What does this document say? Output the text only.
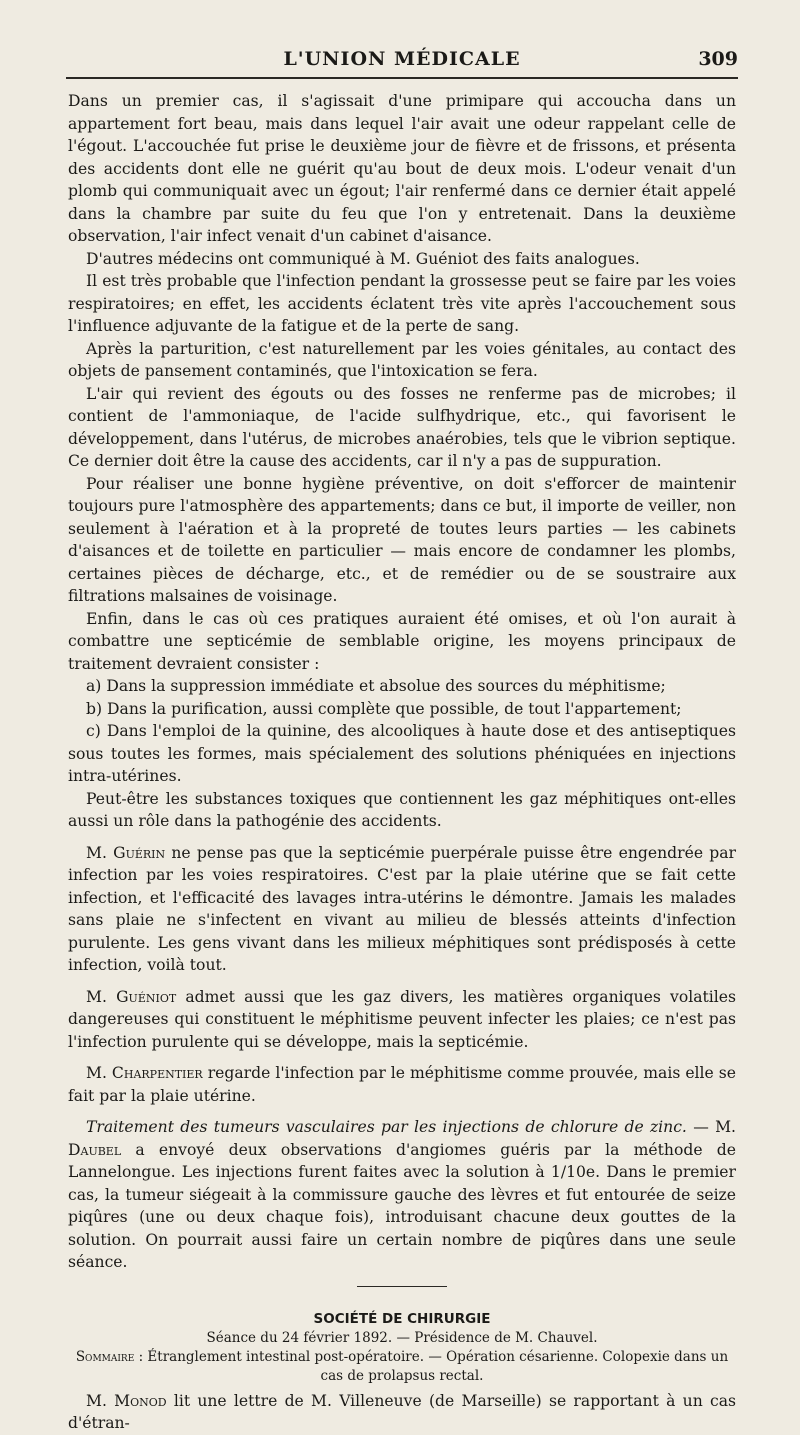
L'UNION MÉDICALE	309

Dans un premier cas, il s'agissait d'une primipare qui accoucha dans un appartement fort beau, mais dans lequel l'air avait une odeur rappelant celle de l'égout. L'accouchée fut prise le deuxième jour de fièvre et de frissons, et présenta des accidents dont elle ne guérit qu'au bout de deux mois. L'odeur venait d'un plomb qui communiquait avec un égout; l'air renfermé dans ce dernier était appelé dans la chambre par suite du feu que l'on y entretenait. Dans la deuxième observation, l'air infect venait d'un cabinet d'aisance.

D'autres médecins ont communiqué à M. Guéniot des faits analogues.

Il est très probable que l'infection pendant la grossesse peut se faire par les voies respiratoires; en effet, les accidents éclatent très vite après l'accouchement sous l'influence adjuvante de la fatigue et de la perte de sang.

Après la parturition, c'est naturellement par les voies génitales, au contact des objets de pansement contaminés, que l'intoxication se fera.

L'air qui revient des égouts ou des fosses ne renferme pas de microbes; il contient de l'ammoniaque, de l'acide sulfhydrique, etc., qui favorisent le développement, dans l'utérus, de microbes anaérobies, tels que le vibrion septique. Ce dernier doit être la cause des accidents, car il n'y a pas de suppuration.

Pour réaliser une bonne hygiène préventive, on doit s'efforcer de maintenir toujours pure l'atmosphère des appartements; dans ce but, il importe de veiller, non seulement à l'aération et à la propreté de toutes leurs parties — les cabinets d'aisances et de toilette en particulier — mais encore de condamner les plombs, certaines pièces de décharge, etc., et de remédier ou de se soustraire aux filtrations malsaines de voisinage.

Enfin, dans le cas où ces pratiques auraient été omises, et où l'on aurait à combattre une septicémie de semblable origine, les moyens principaux de traitement devraient consister :

a) Dans la suppression immédiate et absolue des sources du méphitisme;

b) Dans la purification, aussi complète que possible, de tout l'appartement;

c) Dans l'emploi de la quinine, des alcooliques à haute dose et des antiseptiques sous toutes les formes, mais spécialement des solutions phéniquées en injections intra-utérines.

Peut-être les substances toxiques que contiennent les gaz méphitiques ont-elles aussi un rôle dans la pathogénie des accidents.

M. Guérin ne pense pas que la septicémie puerpérale puisse être engendrée par infection par les voies respiratoires. C'est par la plaie utérine que se fait cette infection, et l'efficacité des lavages intra-utérins le démontre. Jamais les malades sans plaie ne s'infectent en vivant au milieu de blessés atteints d'infection purulente. Les gens vivant dans les milieux méphitiques sont prédisposés à cette infection, voilà tout.

M. Guéniot admet aussi que les gaz divers, les matières organiques volatiles dangereuses qui constituent le méphitisme peuvent infecter les plaies; ce n'est pas l'infection purulente qui se développe, mais la septicémie.

M. Charpentier regarde l'infection par le méphitisme comme prouvée, mais elle se fait par la plaie utérine.

Traitement des tumeurs vasculaires par les injections de chlorure de zinc. — M. Daubel a envoyé deux observations d'angiomes guéris par la méthode de Lannelongue. Les injections furent faites avec la solution à 1/10e. Dans le premier cas, la tumeur siégeait à la commissure gauche des lèvres et fut entourée de seize piqûres (une ou deux chaque fois), introduisant chacune deux gouttes de la solution. On pourrait aussi faire un certain nombre de piqûres dans une seule séance.

SOCIÉTÉ DE CHIRURGIE
Séance du 24 février 1892. — Présidence de M. Chauvel.
Sommaire : Étranglement intestinal post-opératoire. — Opération césarienne. Colopexie dans un cas de prolapsus rectal.

M. Monod lit une lettre de M. Villeneuve (de Marseille) se rapportant à un cas d'étran-
